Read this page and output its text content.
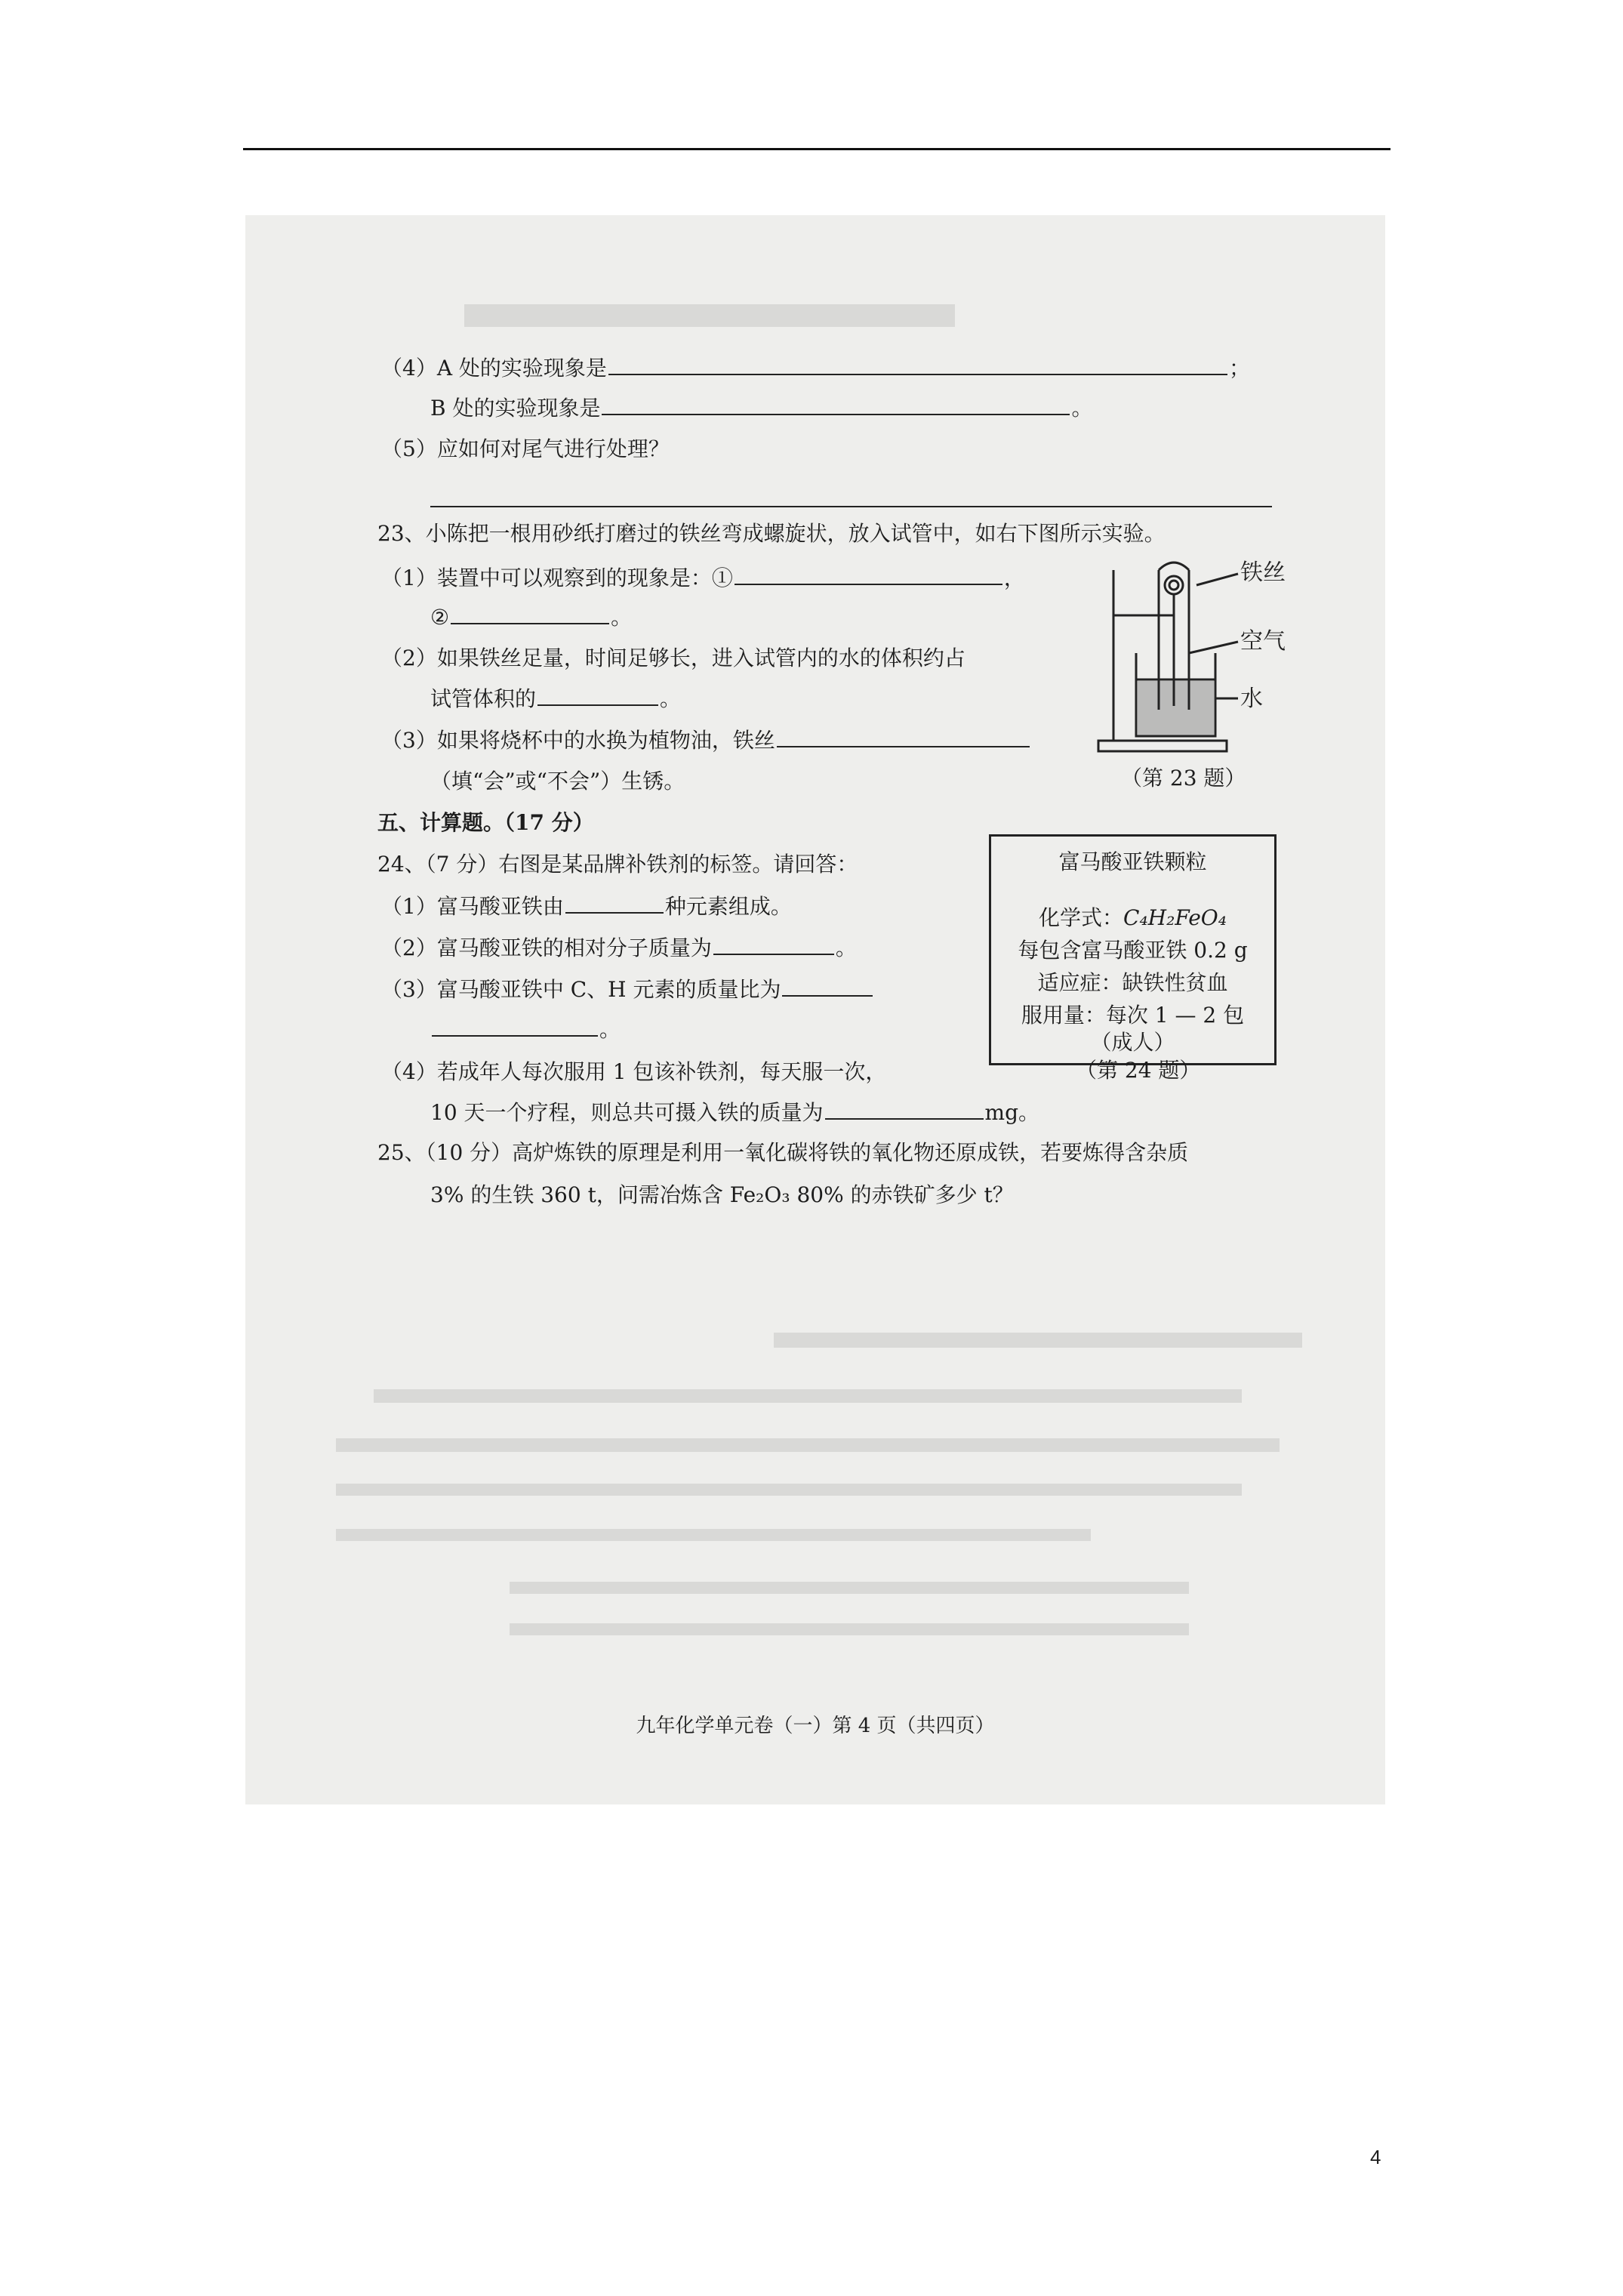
（4）A 处的实验现象是	；
B 处的实验现象是	。
（5）应如何对尾气进行处理？
23、小陈把一根用砂纸打磨过的铁丝弯成螺旋状，放入试管中，如右下图所示实验。
（1）装置中可以观察到的现象是：①	，
②	。
（2）如果铁丝足量，时间足够长，进入试管内的水的体积约占
试管体积的	。
（3）如果将烧杯中的水换为植物油，铁丝
（填“会”或“不会”）生锈。
铁丝
空气
水
（第 23 题）
五、计算题。（17 分）
24、（7 分）右图是某品牌补铁剂的标签。请回答：
（1）富马酸亚铁由	种元素组成。
（2）富马酸亚铁的相对分子质量为	。
（3）富马酸亚铁中 C、H 元素的质量比为
。
（4）若成年人每次服用 1 包该补铁剂，每天服一次，
10 天一个疗程，则总共可摄入铁的质量为	mg。
富马酸亚铁颗粒
化学式：C₄H₂FeO₄
每包含富马酸亚铁 0.2 g
适应症：缺铁性贫血
服用量：每次 1 — 2 包
（成人）
（第 24 题）
25、（10 分）高炉炼铁的原理是利用一氧化碳将铁的氧化物还原成铁，若要炼得含杂质
3% 的生铁 360 t，问需冶炼含 Fe₂O₃ 80% 的赤铁矿多少 t？
九年化学单元卷（一）第 4 页（共四页）
4
